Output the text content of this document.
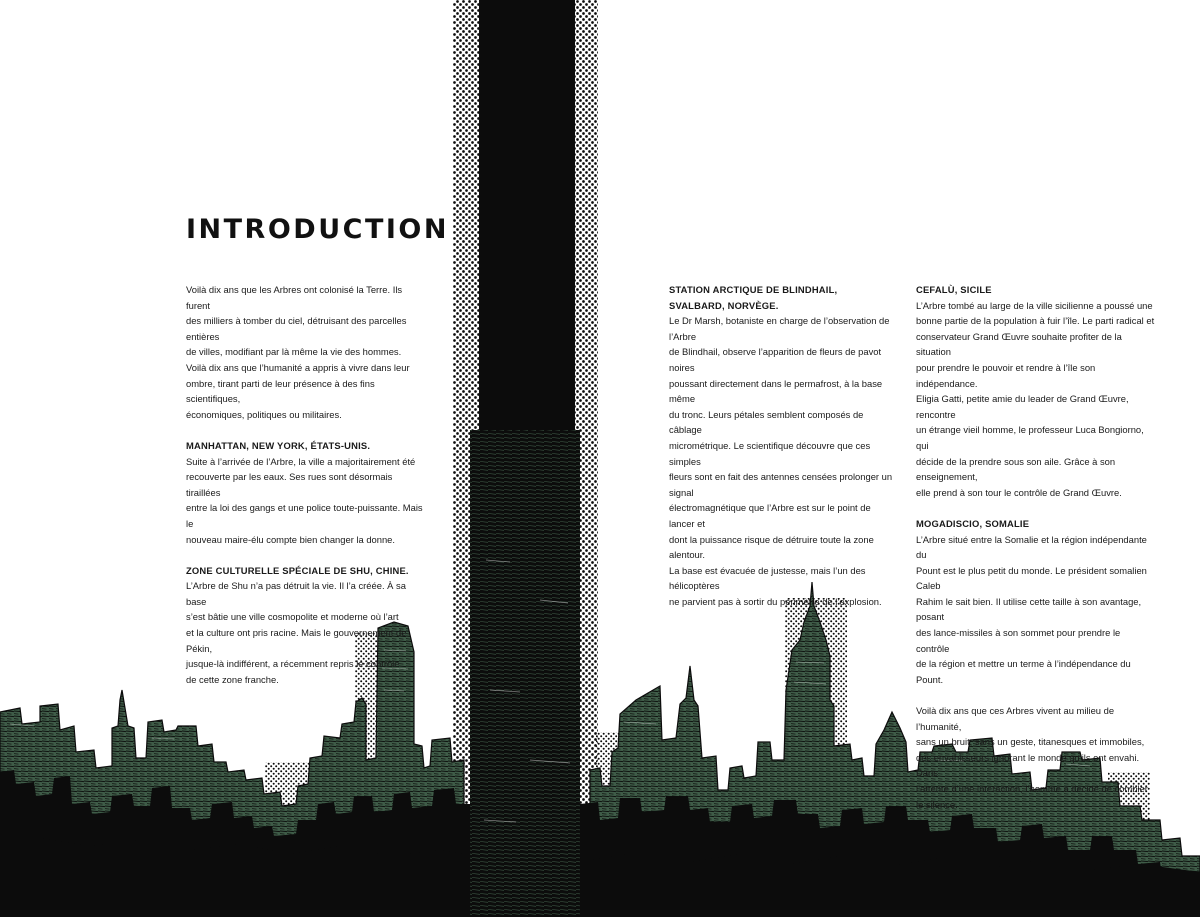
INTRODUCTION

Voilà dix ans que les Arbres ont colonisé la Terre. Ils furent

des milliers à tomber du ciel, détruisant des parcelles entières

de villes, modifiant par là même la vie des hommes.

Voilà dix ans que l’humanité a appris à vivre dans leur

ombre, tirant parti de leur présence à des fins scientifiques,

économiques, politiques ou militaires.

MANHATTAN, NEW YORK, ÉTATS-UNIS.

Suite à l’arrivée de l’Arbre, la ville a majoritairement été

recouverte par les eaux. Ses rues sont désormais tiraillées

entre la loi des gangs et une police toute-puissante. Mais le

nouveau maire-élu compte bien changer la donne.

ZONE CULTURELLE SPÉCIALE DE SHU, CHINE.

L’Arbre de Shu n’a pas détruit la vie. Il l’a créée. À sa base

s’est bâtie une ville cosmopolite et moderne où l’art

et la culture ont pris racine. Mais le gouvernement de Pékin,

jusque-là indifférent, a récemment repris le contrôle

de cette zone franche.

STATION ARCTIQUE DE BLINDHAIL,
SVALBARD, NORVÈGE.

Le Dr Marsh, botaniste en charge de l’observation de l’Arbre

de Blindhail, observe l’apparition de fleurs de pavot noires

poussant directement dans le permafrost, à la base même

du tronc. Leurs pétales semblent composés de câblage

micrométrique. Le scientifique découvre que ces simples

fleurs sont en fait des antennes censées prolonger un signal

électromagnétique que l’Arbre est sur le point de lancer et

dont la puissance risque de détruire toute la zone alentour.

La base est évacuée de justesse, mais l’un des hélicoptères

ne parvient pas à sortir du périmètre de l’explosion.

CEFALÙ, SICILE

L’Arbre tombé au large de la ville sicilienne a poussé une

bonne partie de la population à fuir l’île. Le parti radical et

conservateur Grand Œuvre souhaite profiter de la situation

pour prendre le pouvoir et rendre à l’île son indépendance.

Eligia Gatti, petite amie du leader de Grand Œuvre, rencontre

un étrange vieil homme, le professeur Luca Bongiorno, qui

décide de la prendre sous son aile. Grâce à son enseignement,

elle prend à son tour le contrôle de Grand Œuvre.

MOGADISCIO, SOMALIE

L’Arbre situé entre la Somalie et la région indépendante du

Pount est le plus petit du monde. Le président somalien Caleb

Rahim le sait bien. Il utilise cette taille à son avantage, posant

des lance-missiles à son sommet pour prendre le contrôle

de la région et mettre un terme à l’indépendance du Pount.

Voilà dix ans que ces Arbres vivent au milieu de l’humanité,

sans un bruit, sans un geste, titanesques et immobiles,

des envahisseurs ignorant le monde qu’ils ont envahi. Dans

l’attente d’une interaction, l’homme a décidé de combler

le silence.
